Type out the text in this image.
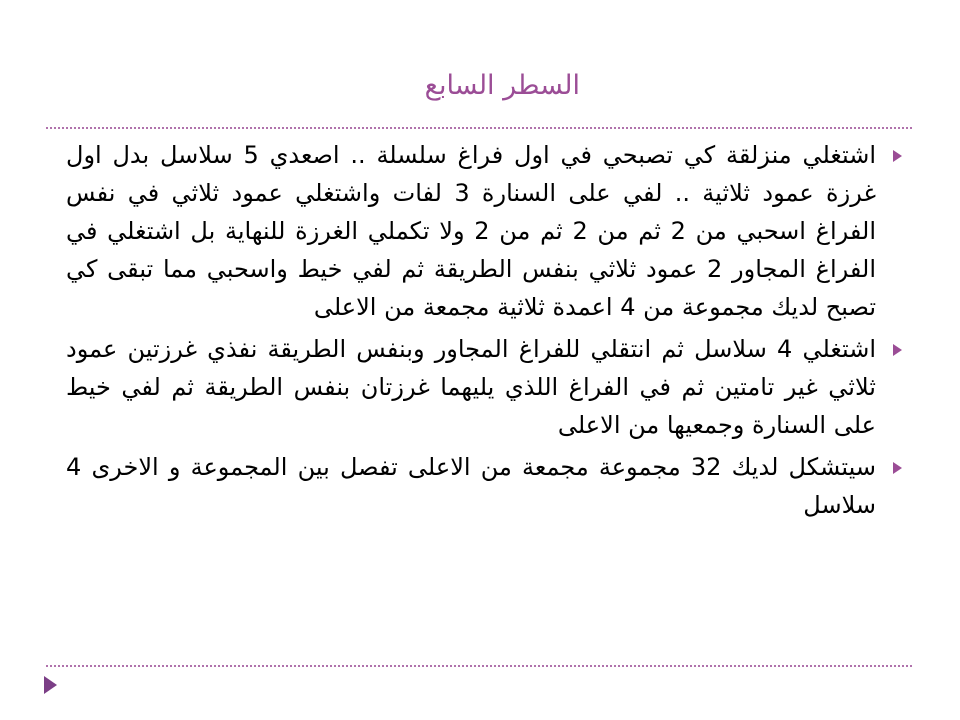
السطر السابع
اشتغلي منزلقة كي تصبحي في اول فراغ سلسلة .. اصعدي 5 سلاسل بدل اول غرزة عمود ثلاثية .. لفي على السنارة 3 لفات واشتغلي عمود ثلاثي في نفس الفراغ اسحبي من 2 ثم من 2 ثم من 2 ولا تكملي الغرزة للنهاية بل اشتغلي في الفراغ المجاور 2 عمود ثلاثي بنفس الطريقة ثم لفي خيط واسحبي مما تبقى كي تصبح لديك مجموعة من 4 اعمدة ثلاثية مجمعة من الاعلى
اشتغلي 4 سلاسل ثم انتقلي للفراغ المجاور وبنفس الطريقة نفذي غرزتين عمود ثلاثي غير تامتين ثم في الفراغ اللذي يليهما غرزتان بنفس الطريقة ثم لفي خيط على السنارة وجمعيها من الاعلى
سيتشكل لديك 32 مجموعة مجمعة من الاعلى تفصل بين المجموعة و الاخرى 4 سلاسل
